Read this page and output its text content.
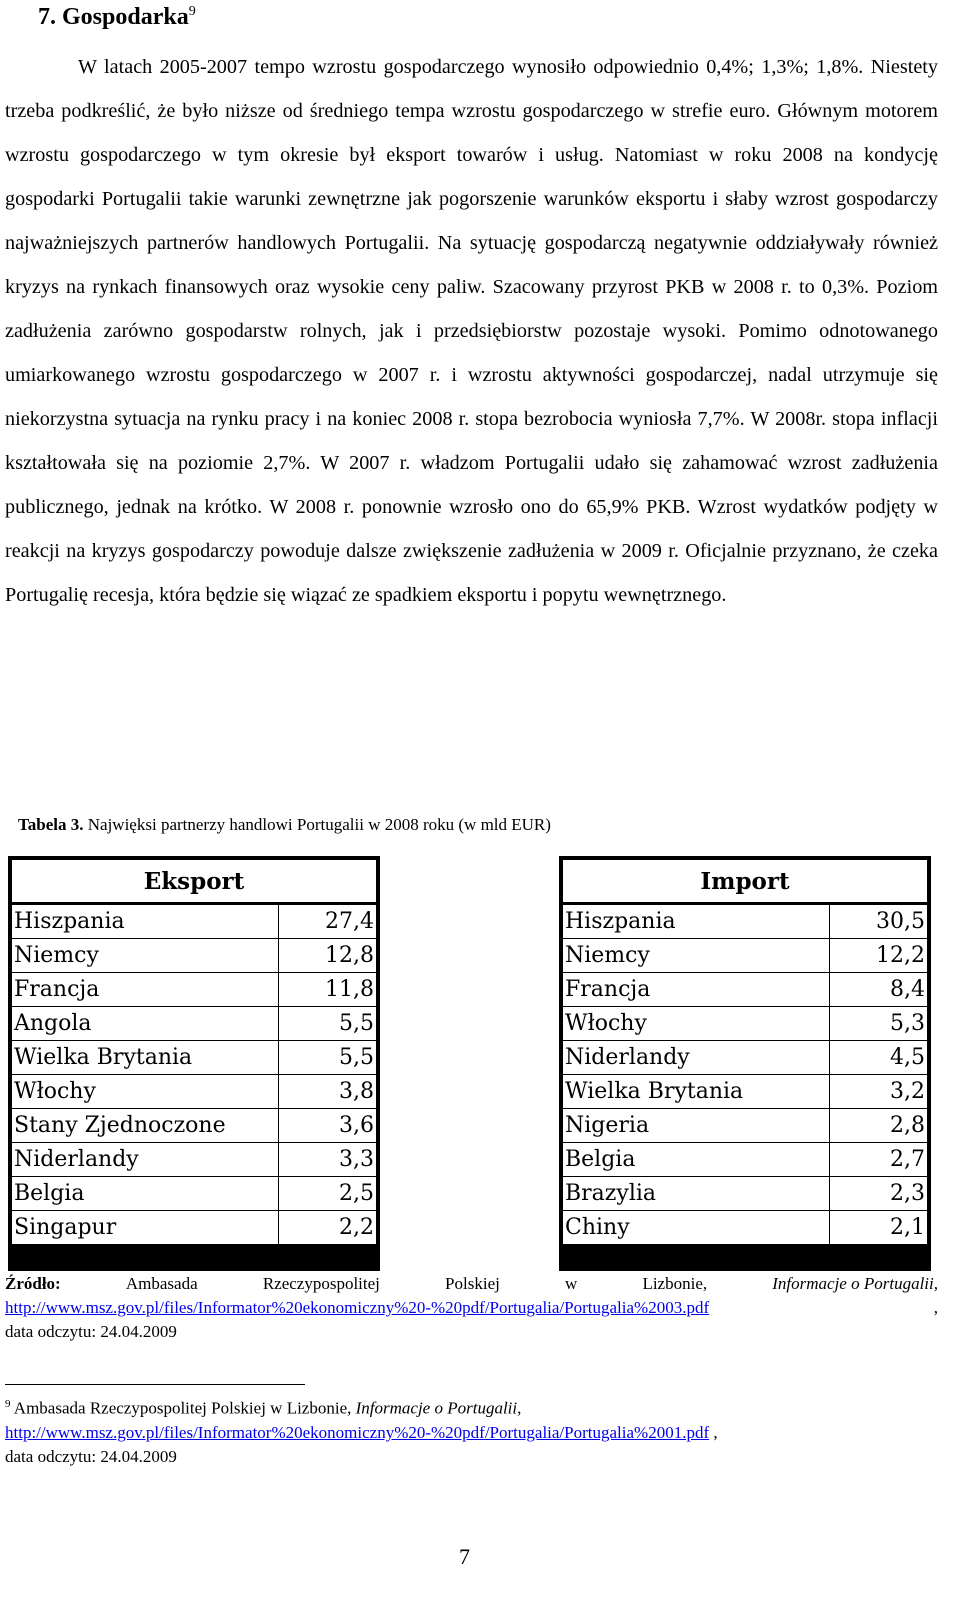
7. Gospodarka$^9$

W latach 2005-2007 tempo wzrostu gospodarczego wynosiło odpowiednio 0,4%; 1,3%; 1,8%. Niestety trzeba podkreślić, że było niższe od średniego tempa wzrostu gospodarczego w strefie euro. Głównym motorem wzrostu gospodarczego w tym okresie był eksport towarów i usług. Natomiast w roku 2008 na kondycję gospodarki Portugalii takie warunki zewnętrzne jak pogorszenie warunków eksportu i słaby wzrost gospodarczy najważniejszych partnerów handlowych Portugalii. Na sytuację gospodarczą negatywnie oddziaływały również kryzys na rynkach finansowych oraz wysokie ceny paliw. Szacowany przyrost PKB w 2008 r. to 0,3%. Poziom zadłużenia zarówno gospodarstw rolnych, jak i przedsiębiorstw pozostaje wysoki. Pomimo odnotowanego umiarkowanego wzrostu gospodarczego w 2007 r. i wzrostu aktywności gospodarczej, nadal utrzymuje się niekorzystna sytuacja na rynku pracy i na koniec 2008 r. stopa bezrobocia wyniosła 7,7%. W 2008r. stopa inflacji kształtowała się na poziomie 2,7%. W 2007 r. władzom Portugalii udało się zahamować wzrost zadłużenia publicznego, jednak na krótko. W 2008 r. ponownie wzrosło ono do 65,9% PKB. Wzrost wydatków podjęty w reakcji na kryzys gospodarczy powoduje dalsze zwiększenie zadłużenia w 2009 r. Oficjalnie przyznano, że czeka Portugalię recesja, która będzie się wiązać ze spadkiem eksportu i popytu wewnętrznego.

Tabela 3. Najwięksi partnerzy handlowi Portugalii w 2008 roku (w mld EUR)
Eksport	
Hiszpania	27,4
Niemcy	12,8
Francja	11,8
Angola	5,5
Wielka Brytania	5,5
Włochy	3,8
Stany Zjednoczone	3,6
Niderlandy	3,3
Belgia	2,5
Singapur	2,2
Import	
Hiszpania	30,5
Niemcy	12,2
Francja	8,4
Włochy	5,3
Niderlandy	4,5
Wielka Brytania	3,2
Nigeria	2,8
Belgia	2,7
Brazylia	2,3
Chiny	2,1
Źródło:	Ambasada	Rzeczypospolitej	Polskiej	w	Lizbonie,	Informacje o Portugalii,
http://www.msz.gov.pl/files/Informator%20ekonomiczny%20-%20pdf/Portugalia/Portugalia%2003.pdf	,
data odczytu: 24.04.2009
$^9$ Ambasada Rzeczypospolitej Polskiej w Lizbonie, Informacje o Portugalii,
http://www.msz.gov.pl/files/Informator%20ekonomiczny%20-%20pdf/Portugalia/Portugalia%2001.pdf ,
data odczytu: 24.04.2009
7
